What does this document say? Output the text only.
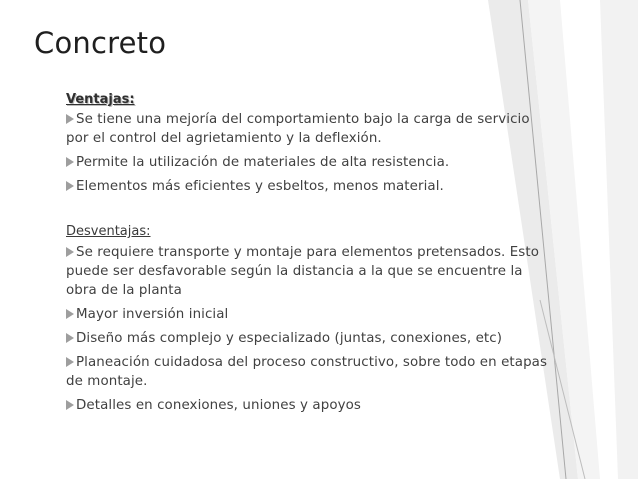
Concreto
Ventajas:
Se tiene una mejoría del comportamiento bajo la carga de servicio por el control del agrietamiento y la deflexión.
Permite la utilización de materiales de alta resistencia.
Elementos más eficientes y esbeltos, menos material.
Desventajas:
Se requiere transporte y montaje para elementos pretensados. Esto puede ser desfavorable según la distancia a la que se encuentre la obra de la planta
Mayor inversión inicial
Diseño más complejo y especializado (juntas, conexiones, etc)
Planeación cuidadosa del proceso constructivo, sobre todo en etapas de montaje.
Detalles en conexiones, uniones y apoyos
